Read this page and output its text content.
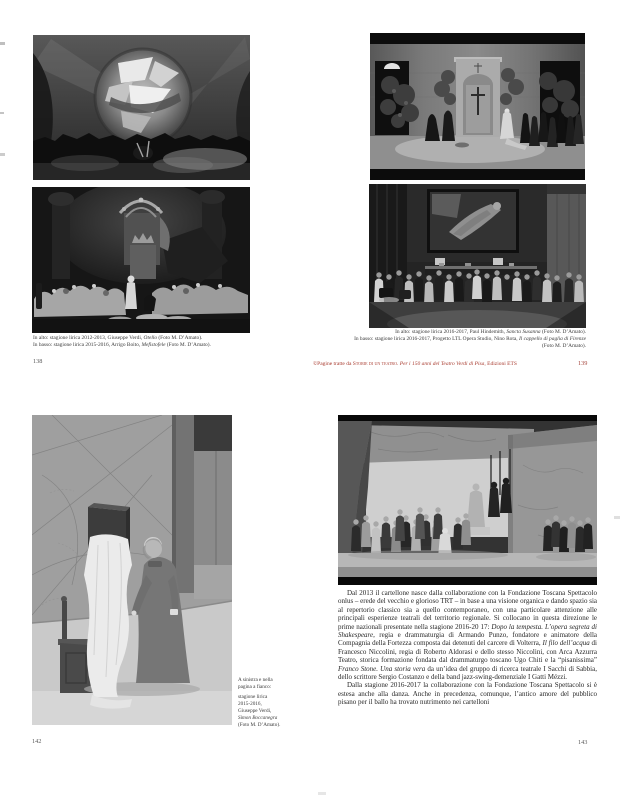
In alto: stagione lirica 2012-2013, Giuseppe Verdi, Otello (Foto M. D’Amato).
In basso: stagione lirica 2015-2016, Arrigo Boito, Mefistofele (Foto M. D’Amato).
138
In alto: stagione lirica 2016-2017, Paul Hindemith, Sancta Susanna (Foto M. D’Amato).
In basso: stagione lirica 2016-2017, Progetto LTL Opera Studio, Nino Rota, Il cappello di paglia di Firenze
(Foto M. D’Amato).
©Pagine tratte da Storie di un teatro. Per i 150 anni del Teatro Verdi di Pisa, Edizioni ETS	139
A sinistra e nella
pagina a fianco:
stagione lirica
2015-2016,
Giuseppe Verdi,
Simon Boccanegra
(Foto M. D’Amato).
142

Dal 2013 il cartellone nasce dalla collaborazione con la Fondazione Toscana Spettacolo onlus – erede del vecchio e glorioso TRT – in base a una visione organica e dando spazio sia al repertorio classico sia a quello contemporaneo, con una particolare attenzione alle principali esperienze teatrali del territorio regionale. Si collocano in questa direzione le prime nazionali presentate nella stagione 2016-20 17: Dopo la tempesta. L’opera segreta di Shakespeare, regia e drammaturgia di Armando Punzo, fondatore e animatore della Compagnia della Fortezza composta dai detenuti del carcere di Volterra, Il filo dell’acqua di Francesco Niccolini, regia di Roberto Aldorasi e dello stesso Niccolini, con Arca Azzurra Teatro, storica formazione fondata dal drammaturgo toscano Ugo Chiti e la “pisanissima” Franco Stone. Una storia vera da un’idea del gruppo di ricerca teatrale I Sacchi di Sabbia, dello scrittore Sergio Costanzo e della band jazz-swing-demenziale I Gatti Mézzi.

Dalla stagione 2016-2017 la collaborazione con la Fondazione Toscana Spettacolo si è estesa anche alla danza. Anche in precedenza, comunque, l’antico amore del pubblico pisano per il ballo ha trovato nutrimento nei cartelloni

143
